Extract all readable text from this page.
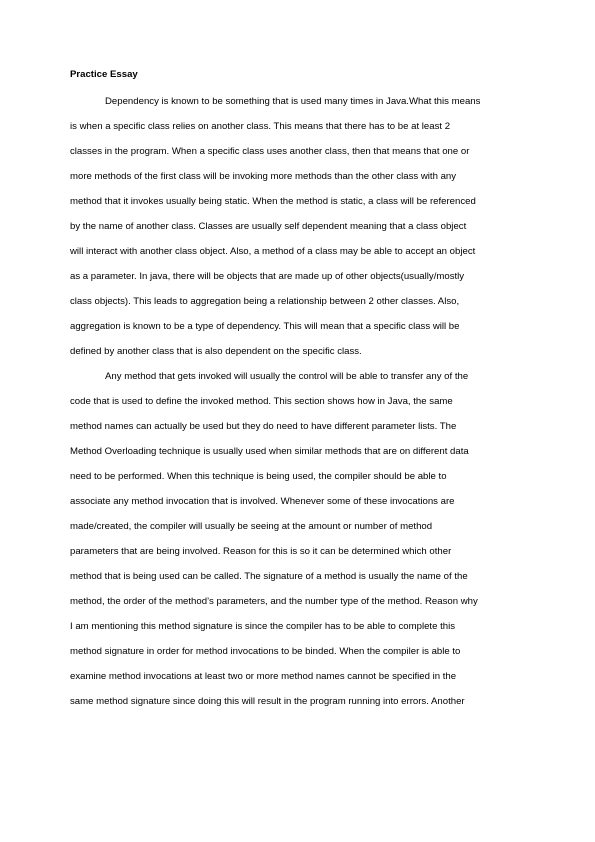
Practice Essay
Dependency is known to be something that is used many times in Java.What this means
is when a specific class relies on another class. This means that there has to be at least 2
classes in the program. When a specific class uses another class, then that means that one or
more methods of the first class will be invoking more methods than the other class with any
method that it invokes usually being static. When the method is static, a class will be referenced
by the name of another class. Classes are usually self dependent meaning that a class object
will interact with another class object. Also, a method of a class may be able to accept an object
as a parameter. In java, there will be objects that are made up of other objects(usually/mostly
class objects). This leads to aggregation being a relationship between 2 other classes. Also,
aggregation is known to be a type of dependency. This will mean that a specific class will be
defined by another class that is also dependent on the specific class.
Any method that gets invoked will usually the control will be able to transfer any of the
code that is used to define the invoked method. This section shows how in Java, the same
method names can actually be used but they do need to have different parameter lists. The
Method Overloading technique is usually used when similar methods that are on different data
need to be performed. When this technique is being used, the compiler should be able to
associate any method invocation that is involved. Whenever some of these invocations are
made/created, the compiler will usually be seeing at the amount or number of method
parameters that are being involved. Reason for this is so it can be determined which other
method that is being used can be called. The signature of a method is usually the name of the
method, the order of the method’s parameters, and the number type of the method. Reason why
I am mentioning this method signature is since the compiler has to be able to complete this
method signature in order for method invocations to be binded. When the compiler is able to
examine method invocations at least two or more method names cannot be specified in the
same method signature since doing this will result in the program running into errors. Another
